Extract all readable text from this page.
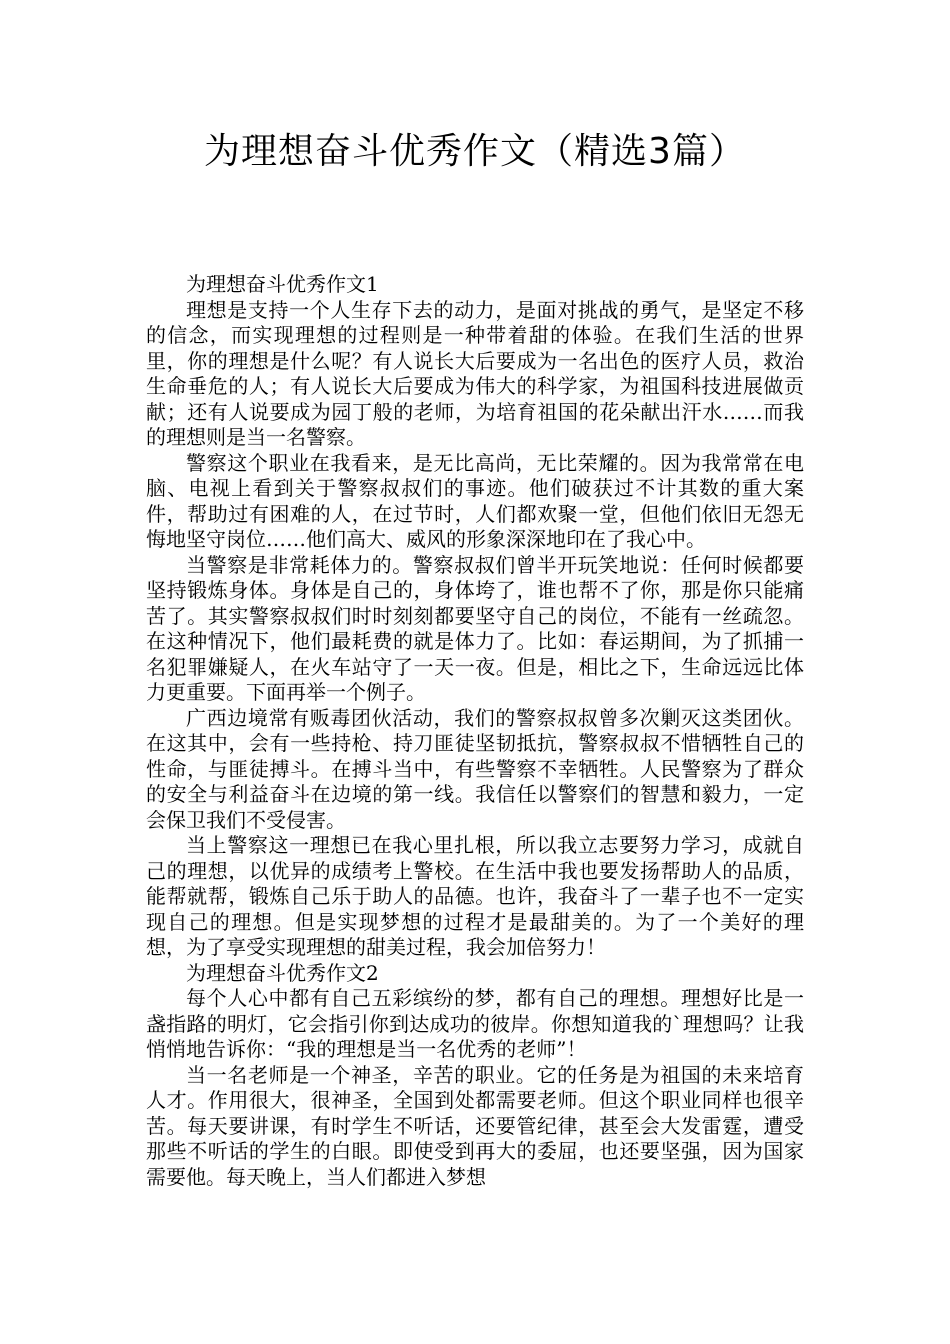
为理想奋斗优秀作文（精选3篇）

为理想奋斗优秀作文1

理想是支持一个人生存下去的动力，是面对挑战的勇气，是坚定不移的信念，而实现理想的过程则是一种带着甜的体验。在我们生活的世界里，你的理想是什么呢？有人说长大后要成为一名出色的医疗人员，救治生命垂危的人；有人说长大后要成为伟大的科学家，为祖国科技进展做贡献；还有人说要成为园丁般的老师，为培育祖国的花朵献出汗水……而我的理想则是当一名警察。

警察这个职业在我看来，是无比高尚，无比荣耀的。因为我常常在电脑、电视上看到关于警察叔叔们的事迹。他们破获过不计其数的重大案件，帮助过有困难的人，在过节时，人们都欢聚一堂，但他们依旧无怨无悔地坚守岗位……他们高大、威风的形象深深地印在了我心中。

当警察是非常耗体力的。警察叔叔们曾半开玩笑地说：任何时候都要坚持锻炼身体。身体是自己的，身体垮了，谁也帮不了你，那是你只能痛苦了。其实警察叔叔们时时刻刻都要坚守自己的岗位，不能有一丝疏忽。在这种情况下，他们最耗费的就是体力了。比如：春运期间，为了抓捕一名犯罪嫌疑人，在火车站守了一天一夜。但是，相比之下，生命远远比体力更重要。下面再举一个例子。

广西边境常有贩毒团伙活动，我们的警察叔叔曾多次剿灭这类团伙。在这其中，会有一些持枪、持刀匪徒坚韧抵抗，警察叔叔不惜牺牲自己的性命，与匪徒搏斗。在搏斗当中，有些警察不幸牺牲。人民警察为了群众的安全与利益奋斗在边境的第一线。我信任以警察们的智慧和毅力，一定会保卫我们不受侵害。

当上警察这一理想已在我心里扎根，所以我立志要努力学习，成就自己的理想，以优异的成绩考上警校。在生活中我也要发扬帮助人的品质，能帮就帮，锻炼自己乐于助人的品德。也许，我奋斗了一辈子也不一定实现自己的理想。但是实现梦想的过程才是最甜美的。为了一个美好的理想，为了享受实现理想的甜美过程，我会加倍努力！

为理想奋斗优秀作文2

每个人心中都有自己五彩缤纷的梦，都有自己的理想。理想好比是一盏指路的明灯，它会指引你到达成功的彼岸。你想知道我的`理想吗？让我悄悄地告诉你：“我的理想是当一名优秀的老师”！

当一名老师是一个神圣，辛苦的职业。它的任务是为祖国的未来培育人才。作用很大，很神圣，全国到处都需要老师。但这个职业同样也很辛苦。每天要讲课，有时学生不听话，还要管纪律，甚至会大发雷霆，遭受那些不听话的学生的白眼。即使受到再大的委屈，也还要坚强，因为国家需要他。每天晚上，当人们都进入梦想
